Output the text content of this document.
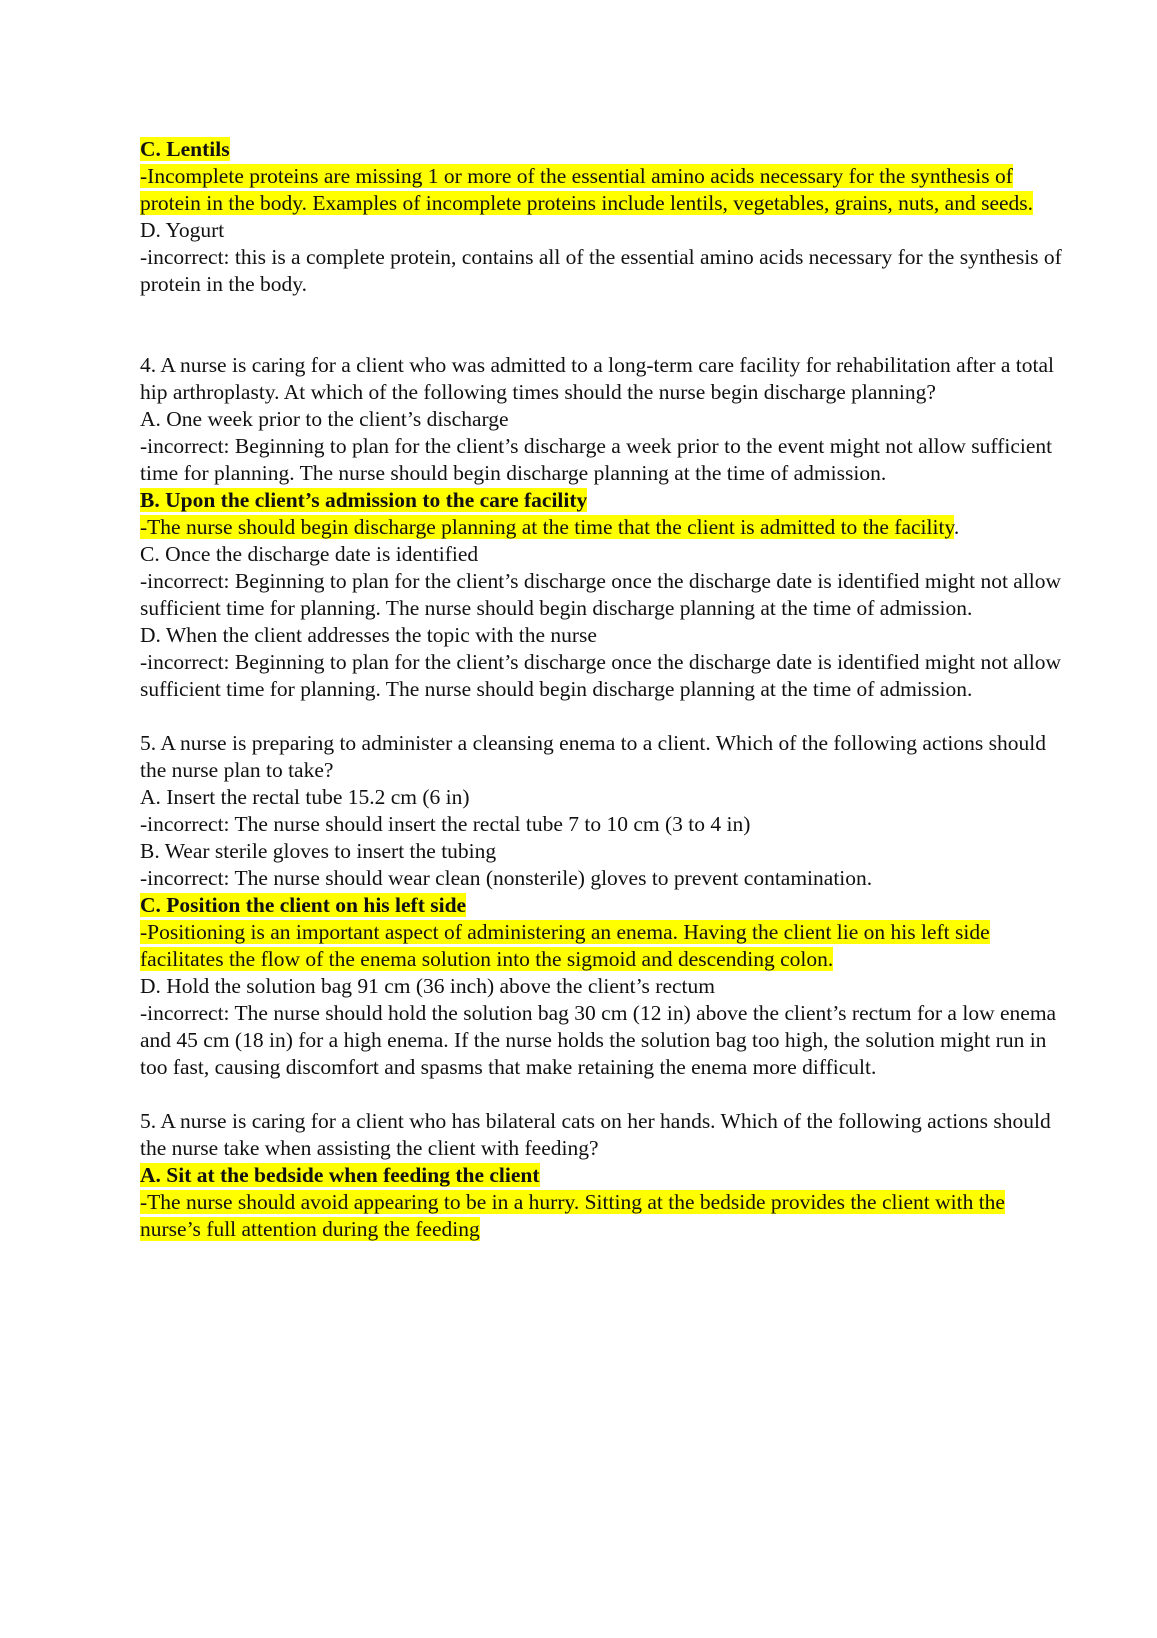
C. Lentils

-Incomplete proteins are missing 1 or more of the essential amino acids necessary for the synthesis of protein in the body. Examples of incomplete proteins include lentils, vegetables, grains, nuts, and seeds.

D. Yogurt

-incorrect: this is a complete protein, contains all of the essential amino acids necessary for the synthesis of protein in the body.

4. A nurse is caring for a client who was admitted to a long-term care facility for rehabilitation after a total hip arthroplasty. At which of the following times should the nurse begin discharge planning?

A. One week prior to the client’s discharge

-incorrect: Beginning to plan for the client’s discharge a week prior to the event might not allow sufficient time for planning. The nurse should begin discharge planning at the time of admission.

B. Upon the client’s admission to the care facility

-The nurse should begin discharge planning at the time that the client is admitted to the facility.

C. Once the discharge date is identified

-incorrect: Beginning to plan for the client’s discharge once the discharge date is identified might not allow sufficient time for planning. The nurse should begin discharge planning at the time of admission.

D. When the client addresses the topic with the nurse

-incorrect: Beginning to plan for the client’s discharge once the discharge date is identified might not allow sufficient time for planning. The nurse should begin discharge planning at the time of admission.

5. A nurse is preparing to administer a cleansing enema to a client. Which of the following actions should the nurse plan to take?

A. Insert the rectal tube 15.2 cm (6 in)

-incorrect: The nurse should insert the rectal tube 7 to 10 cm (3 to 4 in)

B. Wear sterile gloves to insert the tubing

-incorrect: The nurse should wear clean (nonsterile) gloves to prevent contamination.

C. Position the client on his left side

-Positioning is an important aspect of administering an enema. Having the client lie on his left side facilitates the flow of the enema solution into the sigmoid and descending colon.

D. Hold the solution bag 91 cm (36 inch) above the client’s rectum

-incorrect: The nurse should hold the solution bag 30 cm (12 in) above the client’s rectum for a low enema and 45 cm (18 in) for a high enema. If the nurse holds the solution bag too high, the solution might run in too fast, causing discomfort and spasms that make retaining the enema more difficult.

5. A nurse is caring for a client who has bilateral cats on her hands. Which of the following actions should the nurse take when assisting the client with feeding?

A. Sit at the bedside when feeding the client

-The nurse should avoid appearing to be in a hurry. Sitting at the bedside provides the client with the nurse’s full attention during the feeding
